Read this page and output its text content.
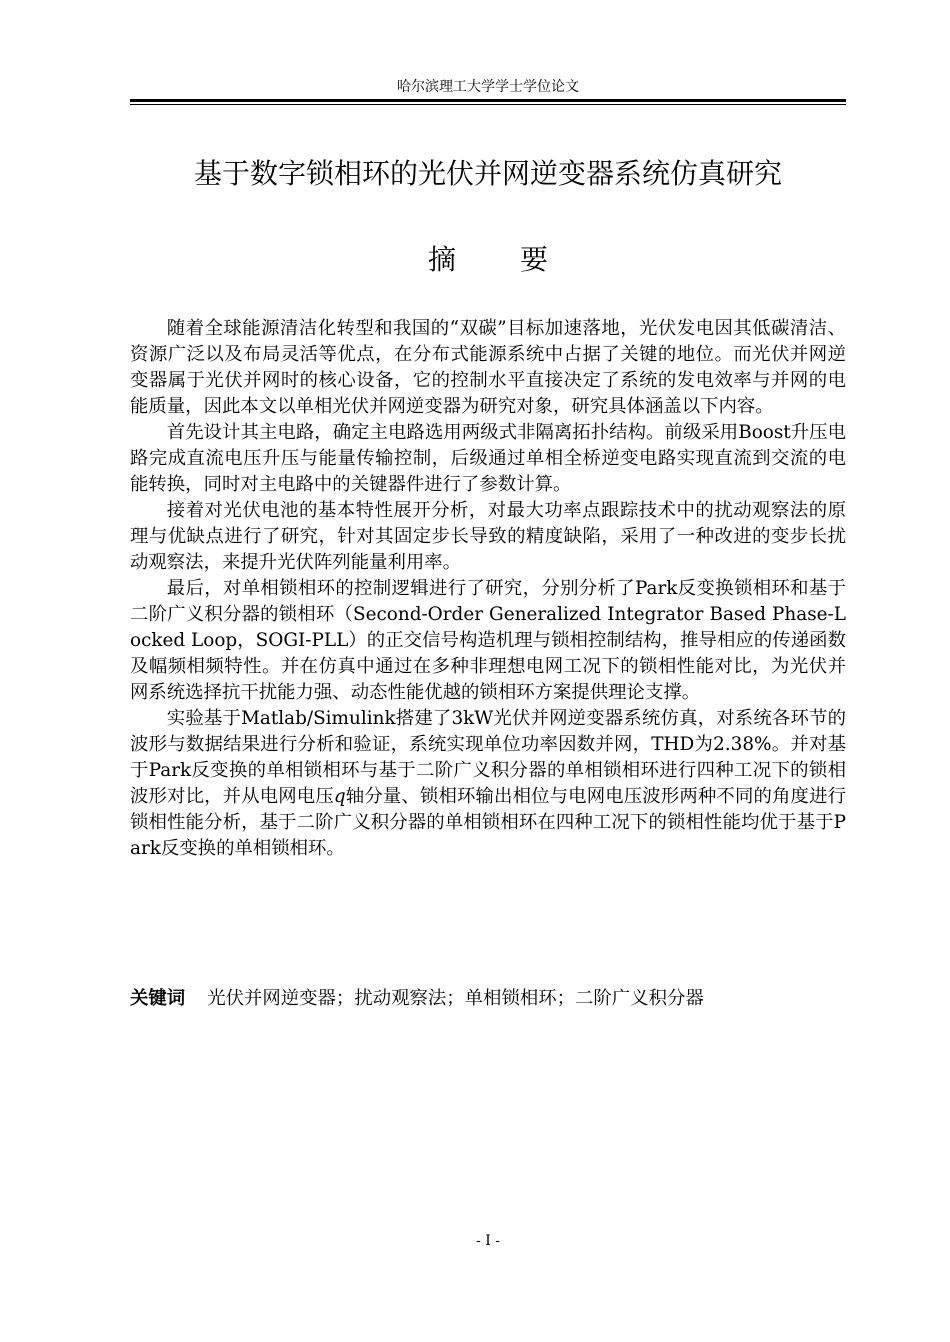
哈尔滨理工大学学士学位论文
基于数字锁相环的光伏并网逆变器系统仿真研究
摘要

随着全球能源清洁化转型和我国的“双碳”目标加速落地，光伏发电因其低碳清洁、资源广泛以及布局灵活等优点，在分布式能源系统中占据了关键的地位。而光伏并网逆变器属于光伏并网时的核心设备，它的控制水平直接决定了系统的发电效率与并网的电能质量，因此本文以单相光伏并网逆变器为研究对象，研究具体涵盖以下内容。

首先设计其主电路，确定主电路选用两级式非隔离拓扑结构。前级采用Boost升压电路完成直流电压升压与能量传输控制，后级通过单相全桥逆变电路实现直流到交流的电能转换，同时对主电路中的关键器件进行了参数计算。

接着对光伏电池的基本特性展开分析，对最大功率点跟踪技术中的扰动观察法的原理与优缺点进行了研究，针对其固定步长导致的精度缺陷，采用了一种改进的变步长扰动观察法，来提升光伏阵列能量利用率。

最后，对单相锁相环的控制逻辑进行了研究，分别分析了Park反变换锁相环和基于二阶广义积分器的锁相环（Second-Order Generalized Integrator Based Phase-Locked Loop，SOGI-PLL）的正交信号构造机理与锁相控制结构，推导相应的传递函数及幅频相频特性。并在仿真中通过在多种非理想电网工况下的锁相性能对比，为光伏并网系统选择抗干扰能力强、动态性能优越的锁相环方案提供理论支撑。

实验基于Matlab/Simulink搭建了3kW光伏并网逆变器系统仿真，对系统各环节的波形与数据结果进行分析和验证，系统实现单位功率因数并网，THD为2.38%。并对基于Park反变换的单相锁相环与基于二阶广义积分器的单相锁相环进行四种工况下的锁相波形对比，并从电网电压q轴分量、锁相环输出相位与电网电压波形两种不同的角度进行锁相性能分析，基于二阶广义积分器的单相锁相环在四种工况下的锁相性能均优于基于Park反变换的单相锁相环。

关键词 光伏并网逆变器；扰动观察法；单相锁相环；二阶广义积分器
- I -
